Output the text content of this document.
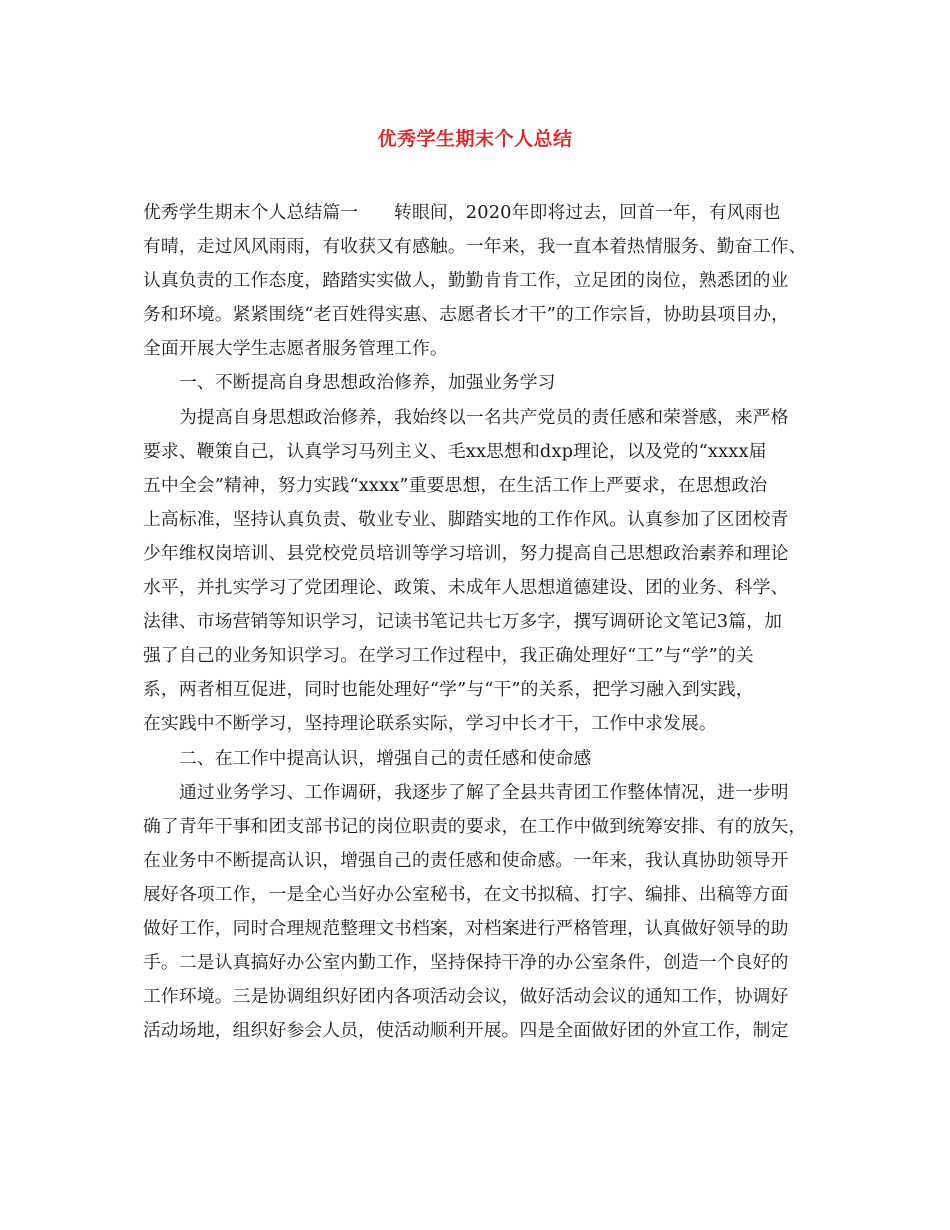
优秀学生期末个人总结
优秀学生期末个人总结篇一　　转眼间，2020年即将过去，回首一年，有风雨也
有晴，走过风风雨雨，有收获又有感触。一年来，我一直本着热情服务、勤奋工作、
认真负责的工作态度，踏踏实实做人，勤勤肯肯工作，立足团的岗位，熟悉团的业
务和环境。紧紧围绕“老百姓得实惠、志愿者长才干”的工作宗旨，协助县项目办，
全面开展大学生志愿者服务管理工作。
一、不断提高自身思想政治修养，加强业务学习
为提高自身思想政治修养，我始终以一名共产党员的责任感和荣誉感，来严格
要求、鞭策自己，认真学习马列主义、毛xx思想和dxp理论，以及党的“xxxx届
五中全会”精神，努力实践“xxxx”重要思想，在生活工作上严要求，在思想政治
上高标准，坚持认真负责、敬业专业、脚踏实地的工作作风。认真参加了区团校青
少年维权岗培训、县党校党员培训等学习培训，努力提高自己思想政治素养和理论
水平，并扎实学习了党团理论、政策、未成年人思想道德建设、团的业务、科学、
法律、市场营销等知识学习，记读书笔记共七万多字，撰写调研论文笔记3篇，加
强了自己的业务知识学习。在学习工作过程中，我正确处理好“工”与“学”的关
系，两者相互促进，同时也能处理好“学”与“干”的关系，把学习融入到实践，
在实践中不断学习，坚持理论联系实际，学习中长才干，工作中求发展。
二、在工作中提高认识，增强自己的责任感和使命感
通过业务学习、工作调研，我逐步了解了全县共青团工作整体情况，进一步明
确了青年干事和团支部书记的岗位职责的要求，在工作中做到统筹安排、有的放矢，
在业务中不断提高认识，增强自己的责任感和使命感。一年来，我认真协助领导开
展好各项工作，一是全心当好办公室秘书，在文书拟稿、打字、编排、出稿等方面
做好工作，同时合理规范整理文书档案，对档案进行严格管理，认真做好领导的助
手。二是认真搞好办公室内勤工作，坚持保持干净的办公室条件，创造一个良好的
工作环境。三是协调组织好团内各项活动会议，做好活动会议的通知工作，协调好
活动场地，组织好参会人员，使活动顺利开展。四是全面做好团的外宣工作，制定
